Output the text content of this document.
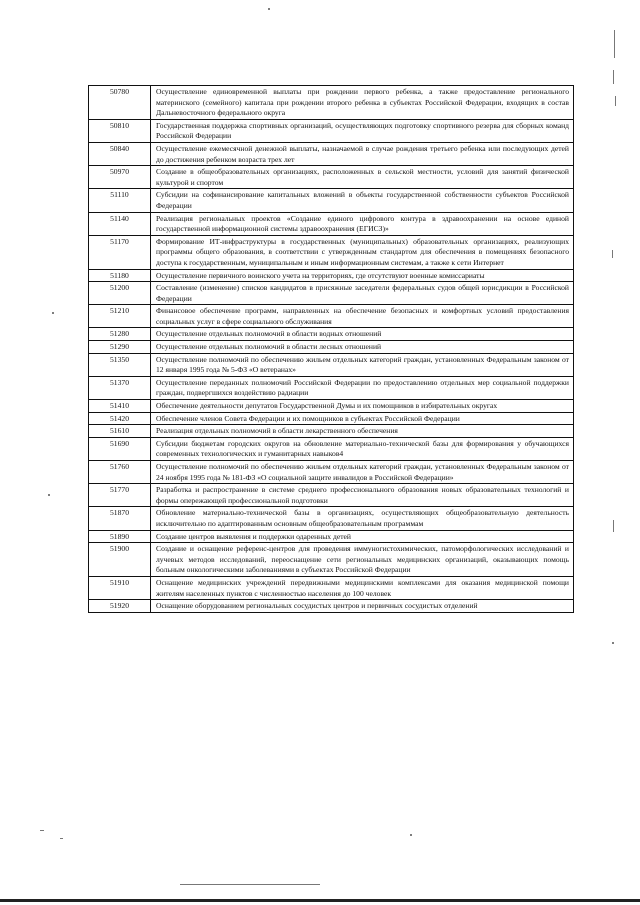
50780	Осуществление единовременной выплаты при рождении первого ребенка, а также предоставление регионального материнского (семейного) капитала при рождении второго ребенка в субъектах Российской Федерации, входящих в состав Дальневосточного федерального округа
50810	Государственная поддержка спортивных организаций, осуществляющих подготовку спортивного резерва для сборных команд Российской Федерации
50840	Осуществление ежемесячной денежной выплаты, назначаемой в случае рождения третьего ребенка или последующих детей до достижения ребенком возраста трех лет
50970	Создание в общеобразовательных организациях, расположенных в сельской местности, условий для занятий физической культурой и спортом
51110	Субсидии на софинансирование капитальных вложений в объекты государственной собственности субъектов Российской Федерации
51140	Реализация региональных проектов «Создание единого цифрового контура в здравоохранении на основе единой государственной информационной системы здравоохранения (ЕГИСЗ)»
51170	Формирование ИТ-инфраструктуры в государственных (муниципальных) образовательных организациях, реализующих программы общего образования, в соответствии с утвержденным стандартом для обеспечения в помещениях безопасного доступа к государственным, муниципальным и иным информационным системам, а также к сети Интернет
51180	Осуществление первичного воинского учета на территориях, где отсутствуют военные комиссариаты
51200	Составление (изменение) списков кандидатов в присяжные заседатели федеральных судов общей юрисдикции в Российской Федерации
51210	Финансовое обеспечение программ, направленных на обеспечение безопасных и комфортных условий предоставления социальных услуг в сфере социального обслуживания
51280	Осуществление отдельных полномочий в области водных отношений
51290	Осуществление отдельных полномочий в области лесных отношений
51350	Осуществление полномочий по обеспечению жильем отдельных категорий граждан, установленных Федеральным законом от 12 января 1995 года № 5-ФЗ «О ветеранах»
51370	Осуществление переданных полномочий Российской Федерации по предоставлению отдельных мер социальной поддержки граждан, подвергшихся воздействию радиации
51410	Обеспечение деятельности депутатов Государственной Думы и их помощников в избирательных округах
51420	Обеспечение членов Совета Федерации и их помощников в субъектах Российской Федерации
51610	Реализация отдельных полномочий в области лекарственного обеспечения
51690	Субсидии бюджетам городских округов на обновление материально-технической базы для формирования у обучающихся современных технологических и гуманитарных навыков4
51760	Осуществление полномочий по обеспечению жильем отдельных категорий граждан, установленных Федеральным законом от 24 ноября 1995 года № 181-ФЗ «О социальной защите инвалидов в Российской Федерации»
51770	Разработка и распространение в системе среднего профессионального образования новых образовательных технологий и формы опережающей профессиональной подготовки
51870	Обновление материально-технической базы в организациях, осуществляющих общеобразовательную деятельность исключительно по адаптированным основным общеобразовательным программам
51890	Создание центров выявления и поддержки одаренных детей
51900	Создание и оснащение референс-центров для проведения иммуногистохимических, патоморфологических исследований и лучевых методов исследований, переоснащение сети региональных медицинских организаций, оказывающих помощь больным онкологическими заболеваниями в субъектах Российской Федерации
51910	Оснащение медицинских учреждений передвижными медицинскими комплексами для оказания медицинской помощи жителям населенных пунктов с численностью населения до 100 человек
51920	Оснащение оборудованием региональных сосудистых центров и первичных сосудистых отделений
